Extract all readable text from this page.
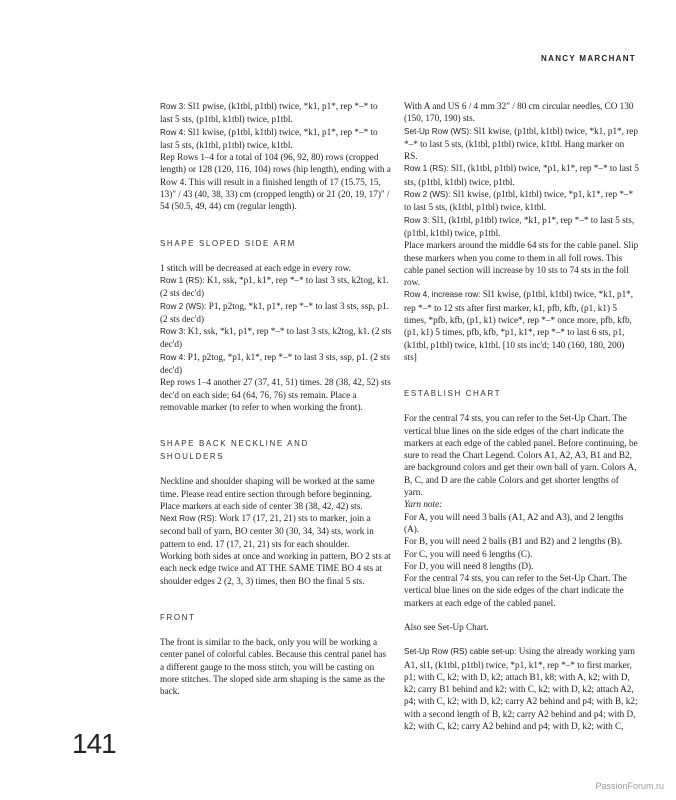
NANCY MARCHANT

Row 3: Sl1 pwise, (k1tbl, p1tbl) twice, *k1, p1*, rep *–* to last 5 sts, (p1tbl, k1tbl) twice, p1tbl.

Row 4: Sl1 kwise, (p1tbl, k1tbl) twice, *k1, p1*, rep *–* to last 5 sts, (k1tbl, p1tbl) twice, k1tbl.

Rep Rows 1–4 for a total of 104 (96, 92, 80) rows (cropped length) or 128 (120, 116, 104) rows (hip length), ending with a Row 4. This will result in a finished length of 17 (15.75, 15, 13)" / 43 (40, 38, 33) cm (cropped length) or 21 (20, 19, 17)" / 54 (50.5, 49, 44) cm (regular length).

SHAPE SLOPED SIDE ARM

1 stitch will be decreased at each edge in every row.

Row 1 (RS): K1, ssk, *p1, k1*, rep *–* to last 3 sts, k2tog, k1. (2 sts dec'd)

Row 2 (WS): P1, p2tog, *k1, p1*, rep *–* to last 3 sts, ssp, p1. (2 sts dec'd)

Row 3: K1, ssk, *k1, p1*, rep *–* to last 3 sts, k2tog, k1. (2 sts dec'd)

Row 4: P1, p2tog, *p1, k1*, rep *–* to last 3 sts, ssp, p1. (2 sts dec'd)

Rep rows 1–4 another 27 (37, 41, 51) times. 28 (38, 42, 52) sts dec'd on each side; 64 (64, 76, 76) sts remain. Place a removable marker (to refer to when working the front).

SHAPE BACK NECKLINE AND

SHOULDERS

Neckline and shoulder shaping will be worked at the same time. Please read entire section through before beginning.

Place markers at each side of center 38 (38, 42, 42) sts.

Next Row (RS): Work 17 (17, 21, 21) sts to marker, join a second ball of yarn, BO center 30 (30, 34, 34) sts, work in pattern to end. 17 (17, 21, 21) sts for each shoulder.

Working both sides at once and working in pattern, BO 2 sts at each neck edge twice and AT THE SAME TIME BO 4 sts at shoulder edges 2 (2, 3, 3) times, then BO the final 5 sts.

FRONT

The front is similar to the back, only you will be working a center panel of colorful cables. Because this central panel has a different gauge to the moss stitch, you will be casting on more stitches. The sloped side arm shaping is the same as the back.

With A and US 6 / 4 mm 32" / 80 cm circular needles, CO 130 (150, 170, 190) sts.

Set-Up Row (WS): Sl1 kwise, (p1tbl, k1tbl) twice, *k1, p1*, rep *–* to last 5 sts, (k1tbl, p1tbl) twice, k1tbl. Hang marker on RS.

Row 1 (RS): Sl1, (k1tbl, p1tbl) twice, *p1, k1*, rep *–* to last 5 sts, (p1tbl, k1tbl) twice, p1tbl.

Row 2 (WS): Sl1 kwise, (p1tbl, k1tbl) twice, *p1, k1*, rep *–* to last 5 sts, (k1tbl, p1tbl) twice, k1tbl.

Row 3: Sl1, (k1tbl, p1tbl) twice, *k1, p1*, rep *–* to last 5 sts, (p1tbl, k1tbl) twice, p1tbl.

Place markers around the middle 64 sts for the cable panel. Slip these markers when you come to them in all foll rows. This cable panel section will increase by 10 sts to 74 sts in the foll row.

Row 4, increase row: Sl1 kwise, (p1tbl, k1tbl) twice, *k1, p1*, rep *–* to 12 sts after first marker, k1, pfb, kfb, (p1, k1) 5 times, *pfb, kfb, (p1, k1) twice*, rep *–* once more, pfb, kfb, (p1, k1) 5 times, pfb, kfb, *p1, k1*, rep *–* to last 6 sts, p1, (k1tbl, p1tbl) twice, k1tbl. [10 sts inc'd; 140 (160, 180, 200) sts]

ESTABLISH CHART

For the central 74 sts, you can refer to the Set-Up Chart. The vertical blue lines on the side edges of the chart indicate the markers at each edge of the cabled panel. Before continuing, be sure to read the Chart Legend. Colors A1, A2, A3, B1 and B2, are background colors and get their own ball of yarn. Colors A, B, C, and D are the cable Colors and get shorter lengths of yarn.

Yarn note:

For A, you will need 3 balls (A1, A2 and A3), and 2 lengths (A).

For B, you will need 2 balls (B1 and B2) and 2 lengths (B).

For C, you will need 6 lengths (C).

For D, you will need 8 lengths (D).

For the central 74 sts, you can refer to the Set-Up Chart. The vertical blue lines on the side edges of the chart indicate the markers at each edge of the cabled panel.

Also see Set-Up Chart.

Set-Up Row (RS) cable set-up: Using the already working yarn A1, sl1, (k1tbl, p1tbl) twice, *p1, k1*, rep *–* to first marker, p1; with C, k2; with D, k2; attach B1, k8; with A, k2; with D, k2; carry B1 behind and k2; with C, k2; with D, k2; attach A2, p4; with C, k2; with D, k2; carry A2 behind and p4; with B, k2; with a second length of B, k2; carry A2 behind and p4; with D, k2; with C, k2; carry A2 behind and p4; with D, k2; with C,

141
PassionForum.ru
